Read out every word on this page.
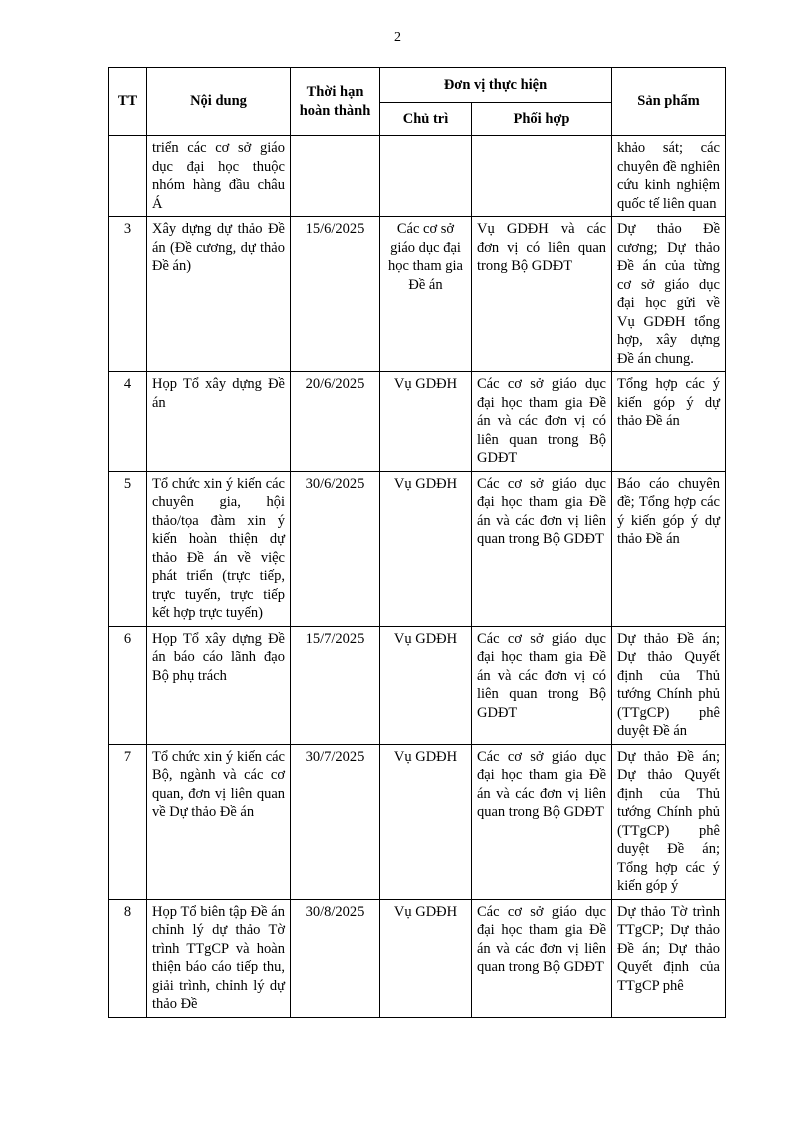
2
TT	Nội dung	Thời hạn hoàn thành	Đơn vị thực hiện		Sản phẩm
			Chủ trì	Phối hợp	
	triển các cơ sở giáo dục đại học thuộc nhóm hàng đầu châu Á				khảo sát; các chuyên đề nghiên cứu kinh nghiệm quốc tế liên quan
3	Xây dựng dự thảo Đề án (Đề cương, dự thảo Đề án)	15/6/2025	Các cơ sở giáo dục đại học tham gia Đề án	Vụ GDĐH và các đơn vị có liên quan trong Bộ GDĐT	Dự thảo Đề cương; Dự thảo Đề án của từng cơ sở giáo dục đại học gửi về Vụ GDĐH tổng hợp, xây dựng Đề án chung.
4	Họp Tổ xây dựng Đề án	20/6/2025	Vụ GDĐH	Các cơ sở giáo dục đại học tham gia Đề án và các đơn vị có liên quan trong Bộ GDĐT	Tổng hợp các ý kiến góp ý dự thảo Đề án
5	Tổ chức xin ý kiến các chuyên gia, hội thảo/tọa đàm xin ý kiến hoàn thiện dự thảo Đề án về việc phát triển (trực tiếp, trực tuyến, trực tiếp kết hợp trực tuyến)	30/6/2025	Vụ GDĐH	Các cơ sở giáo dục đại học tham gia Đề án và các đơn vị liên quan trong Bộ GDĐT	Báo cáo chuyên đề; Tổng hợp các ý kiến góp ý dự thảo Đề án
6	Họp Tổ xây dựng Đề án báo cáo lãnh đạo Bộ phụ trách	15/7/2025	Vụ GDĐH	Các cơ sở giáo dục đại học tham gia Đề án và các đơn vị có liên quan trong Bộ GDĐT	Dự thảo Đề án; Dự thảo Quyết định của Thủ tướng Chính phủ (TTgCP) phê duyệt Đề án
7	Tổ chức xin ý kiến các Bộ, ngành và các cơ quan, đơn vị liên quan về Dự thảo Đề án	30/7/2025	Vụ GDĐH	Các cơ sở giáo dục đại học tham gia Đề án và các đơn vị liên quan trong Bộ GDĐT	Dự thảo Đề án; Dự thảo Quyết định của Thủ tướng Chính phủ (TTgCP) phê duyệt Đề án; Tổng hợp các ý kiến góp ý
8	Họp Tổ biên tập Đề án chỉnh lý dự thảo Tờ trình TTgCP và hoàn thiện báo cáo tiếp thu, giải trình, chỉnh lý dự thảo Đề	30/8/2025	Vụ GDĐH	Các cơ sở giáo dục đại học tham gia Đề án và các đơn vị liên quan trong Bộ GDĐT	Dự thảo Tờ trình TTgCP; Dự thảo Đề án; Dự thảo Quyết định của TTgCP phê
